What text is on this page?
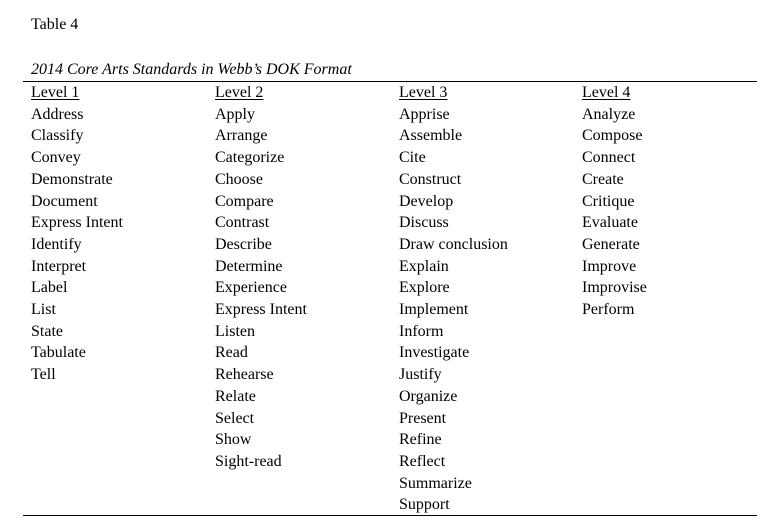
Table 4
2014 Core Arts Standards in Webb’s DOK Format
Level 1
Address
Classify
Convey
Demonstrate
Document
Express Intent
Identify
Interpret
Label
List
State
Tabulate
Tell
Level 2
Apply
Arrange
Categorize
Choose
Compare
Contrast
Describe
Determine
Experience
Express Intent
Listen
Read
Rehearse
Relate
Select
Show
Sight-read
Level 3
Apprise
Assemble
Cite
Construct
Develop
Discuss
Draw conclusion
Explain
Explore
Implement
Inform
Investigate
Justify
Organize
Present
Refine
Reflect
Summarize
Support
Level 4
Analyze
Compose
Connect
Create
Critique
Evaluate
Generate
Improve
Improvise
Perform
